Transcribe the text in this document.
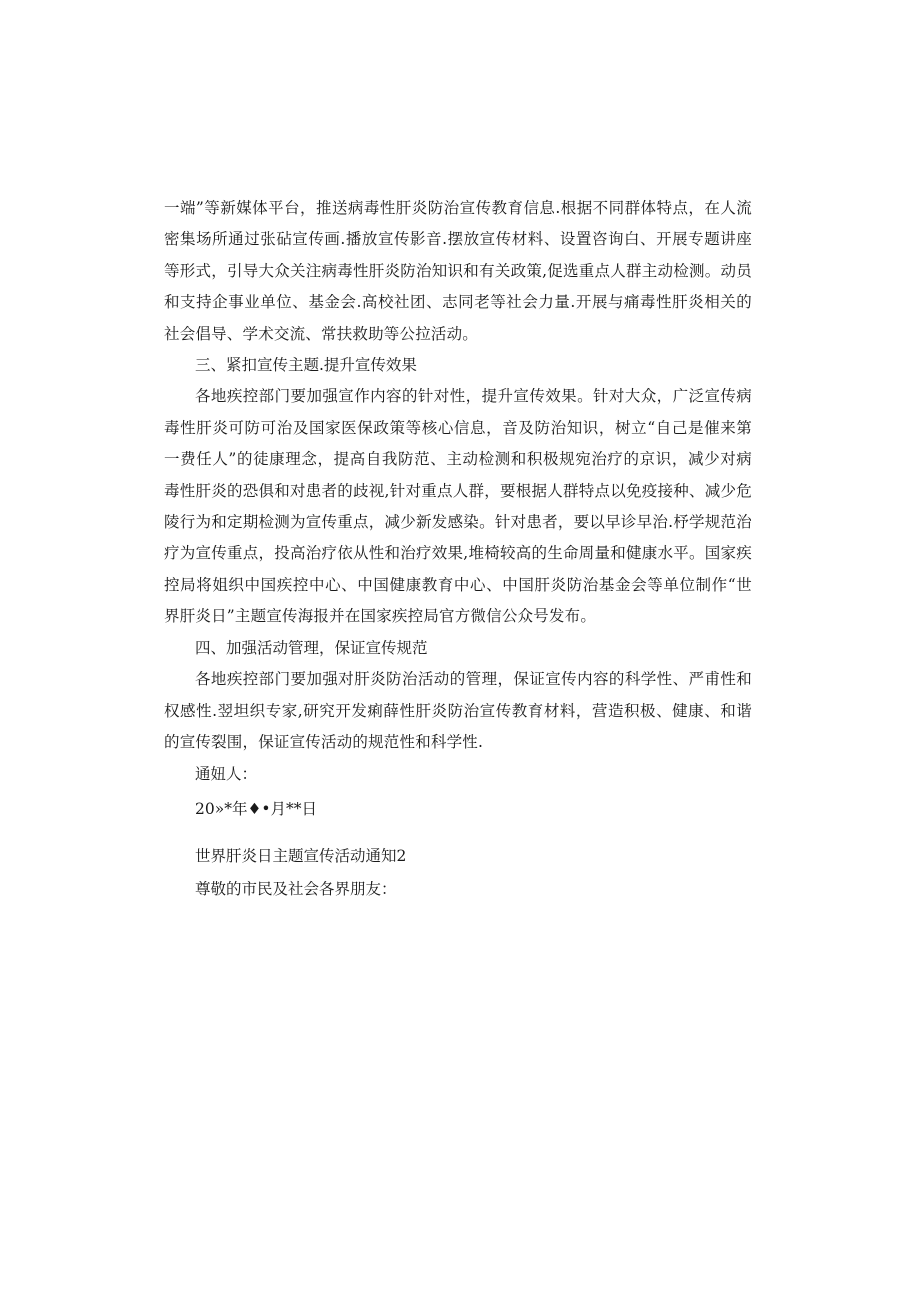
一端”等新媒体平台，推送病毒性肝炎防治宣传教育信息.根据不同群体特点，在人流密集场所通过张砧宣传画.播放宣传影音.摆放宣传材料、设置咨询白、开展专题讲座等形式，引导大众关注病毒性肝炎防治知识和有关政策,促选重点人群主动检测。动员和支持企事业单位、基金会.高校社团、志同老等社会力量.开展与痛毒性肝炎相关的社会倡导、学术交流、常扶救助等公拉活动。

三、紧扣宣传主题.提升宣传效果

各地疾控部门要加强宣作内容的针对性，提升宣传效果。针对大众，广泛宣传病毒性肝炎可防可治及国家医保政策等核心信息，音及防治知识，树立“自己是催来第一费任人”的徒康理念，提高自我防范、主动检测和积极规宛治疗的京识，减少对病毒性肝炎的恐俱和对患者的歧视,针对重点人群，要根据人群特点以免疫接种、减少危陵行为和定期检测为宣传重点，减少新发感染。针对患者，要以早诊早治.杼学规范治疗为宣传重点，投高治疗依从性和治疗效果,堆椅较高的生命周量和健康水平。国家疾控局将姐织中国疾控中心、中国健康教育中心、中国肝炎防治基金会等单位制作“世界肝炎日”主题宣传海报并在国家疾控局官方微信公众号发布。

四、加强活动管理，保证宣传规范

各地疾控部门要加强对肝炎防治活动的管理，保证宣传内容的科学性、严甫性和权感性.翌坦织专家,研究开发痢薛性肝炎防治宣传教育材料，营造积极、健康、和谐的宣传裂围，保证宣传活动的规范性和科学性.

通妞人：

20»*年♦•月**日

世界肝炎日主题宣传活动通知2

尊敬的市民及社会各界朋友：
